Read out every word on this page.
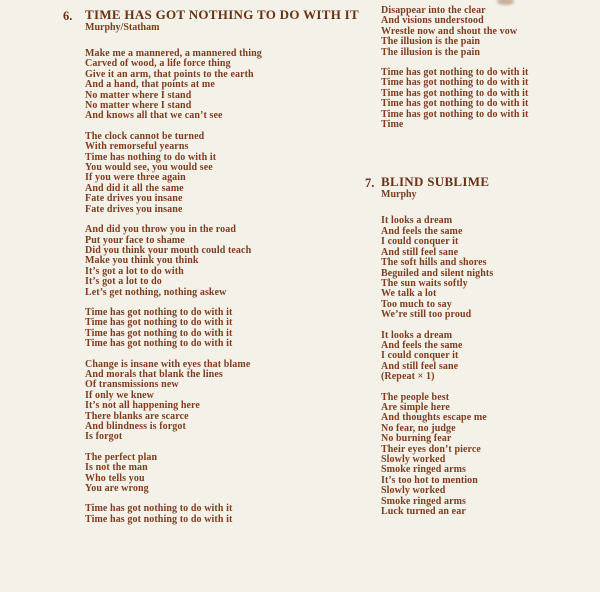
6. TIME HAS GOT NOTHING TO DO WITH IT
Murphy/Statham
Make me a mannered, a mannered thing
Carved of wood, a life force thing
Give it an arm, that points to the earth
And a hand, that points at me
No matter where I stand
No matter where I stand
And knows all that we can’t see
The clock cannot be turned
With remorseful yearns
Time has nothing to do with it
You would see, you would see
If you were three again
And did it all the same
Fate drives you insane
Fate drives you insane
And did you throw you in the road
Put your face to shame
Did you think your mouth could teach
Make you think you think
It’s got a lot to do with
It’s got a lot to do
Let’s get nothing, nothing askew
Time has got nothing to do with it
Time has got nothing to do with it
Time has got nothing to do with it
Time has got nothing to do with it
Change is insane with eyes that blame
And morals that blank the lines
Of transmissions new
If only we knew
It’s not all happening here
There blanks are scarce
And blindness is forgot
Is forgot
The perfect plan
Is not the man
Who tells you
You are wrong
Time has got nothing to do with it
Time has got nothing to do with it
Disappear into the clear
And visions understood
Wrestle now and shout the vow
The illusion is the pain
The illusion is the pain
Time has got nothing to do with it
Time has got nothing to do with it
Time has got nothing to do with it
Time has got nothing to do with it
Time has got nothing to do with it
Time
7. BLIND SUBLIME
Murphy
It looks a dream
And feels the same
I could conquer it
And still feel sane
The soft hills and shores
Beguiled and silent nights
The sun waits softly
We talk a lot
Too much to say
We’re still too proud
It looks a dream
And feels the same
I could conquer it
And still feel sane
(Repeat × 1)
The people best
Are simple here
And thoughts escape me
No fear, no judge
No burning fear
Their eyes don’t pierce
Slowly worked
Smoke ringed arms
It’s too hot to mention
Slowly worked
Smoke ringed arms
Luck turned an ear
